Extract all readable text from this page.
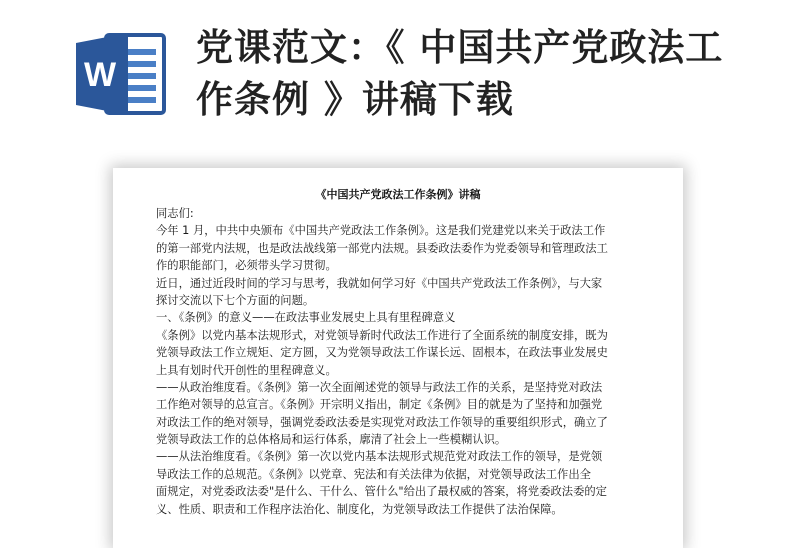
W
党课范文：《 中国共产党政法工
作条例 》讲稿下载
《中国共产党政法工作条例》讲稿
同志们:
今年 1 月，中共中央颁布《中国共产党政法工作条例》。这是我们党建党以来关于政法工作
的第一部党内法规，也是政法战线第一部党内法规。县委政法委作为党委领导和管理政法工
作的职能部门，必须带头学习贯彻。
近日，通过近段时间的学习与思考，我就如何学习好《中国共产党政法工作条例》，与大家
探讨交流以下七个方面的问题。
一、《条例》的意义——在政法事业发展史上具有里程碑意义
《条例》以党内基本法规形式，对党领导新时代政法工作进行了全面系统的制度安排，既为
党领导政法工作立规矩、定方圆，又为党领导政法工作谋长远、固根本，在政法事业发展史
上具有划时代开创性的里程碑意义。
——从政治维度看。《条例》第一次全面阐述党的领导与政法工作的关系，是坚持党对政法
工作绝对领导的总宣言。《条例》开宗明义指出，制定《条例》目的就是为了坚持和加强党
对政法工作的绝对领导，强调党委政法委是实现党对政法工作领导的重要组织形式，确立了
党领导政法工作的总体格局和运行体系，廓清了社会上一些模糊认识。
——从法治维度看。《条例》第一次以党内基本法规形式规范党对政法工作的领导，是党领
导政法工作的总规范。《条例》以党章、宪法和有关法律为依据，对党领导政法工作出全
面规定，对党委政法委"是什么、干什么、管什么"给出了最权威的答案，将党委政法委的定
义、性质、职责和工作程序法治化、制度化，为党领导政法工作提供了法治保障。
